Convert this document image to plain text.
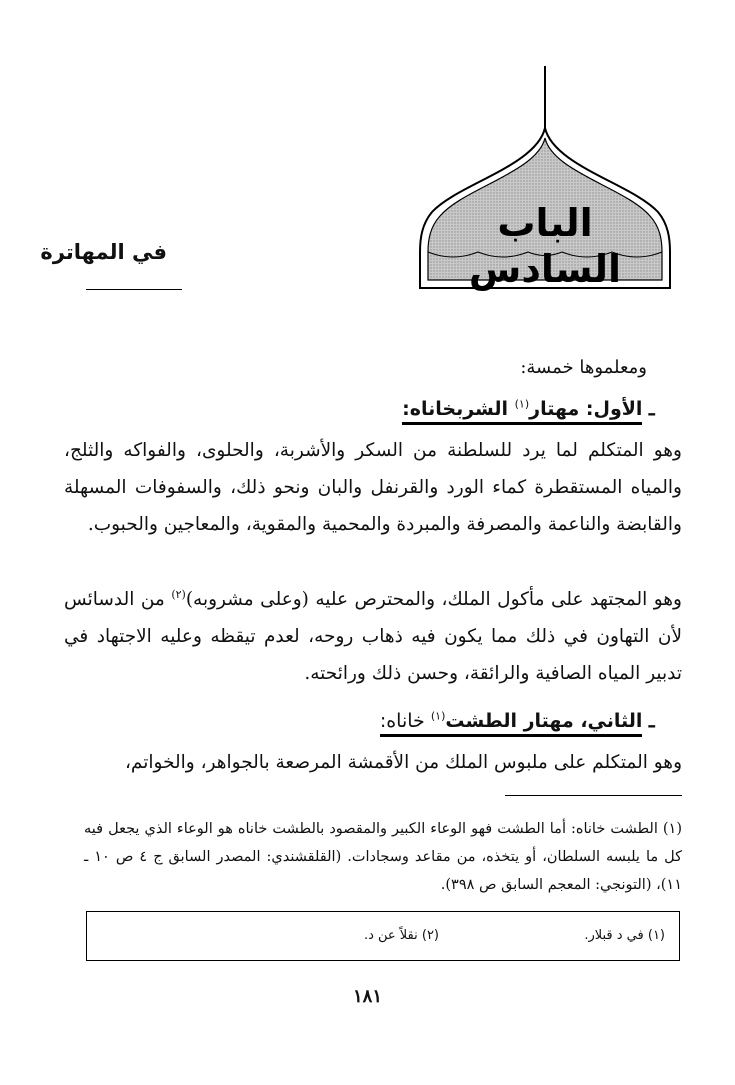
الباب السادس
في المهاترة
ومعلموها خمسة:
ـ الأول: مهتار$^{(١)}$ الشربخاناه:
وهو المتكلم لما يرد للسلطنة من السكر والأشربة، والحلوى، والفواكه والثلج، والمياه المستقطرة كماء الورد والقرنفل والبان ونحو ذلك، والسفوفات المسهلة والقابضة والناعمة والمصرفة والمبردة والمحمية والمقوية، والمعاجين والحبوب.
وهو المجتهد على مأكول الملك، والمحترص عليه (وعلى مشروبه)$^{(٢)}$ من الدسائس لأن التهاون في ذلك مما يكون فيه ذهاب روحه، لعدم تيقظه وعليه الاجتهاد في تدبير المياه الصافية والرائقة، وحسن ذلك ورائحته.
ـ الثاني، مهتار الطشت$^{(١)}$ خاناه:
وهو المتكلم على ملبوس الملك من الأقمشة المرصعة بالجواهر، والخواتم،
(١) الطشت خاناه: أما الطشت فهو الوعاء الكبير والمقصود بالطشت خاناه هو الوعاء الذي يجعل فيه كل ما يلبسه السلطان، أو يتخذه، من مقاعد وسجادات. (القلقشندي: المصدر السابق ج ٤ ص ١٠ ـ ١١)، (التونجي: المعجم السابق ص ٣٩٨).
(١) في د قبلار.
(٢) نقلاً عن د.
١٨١
